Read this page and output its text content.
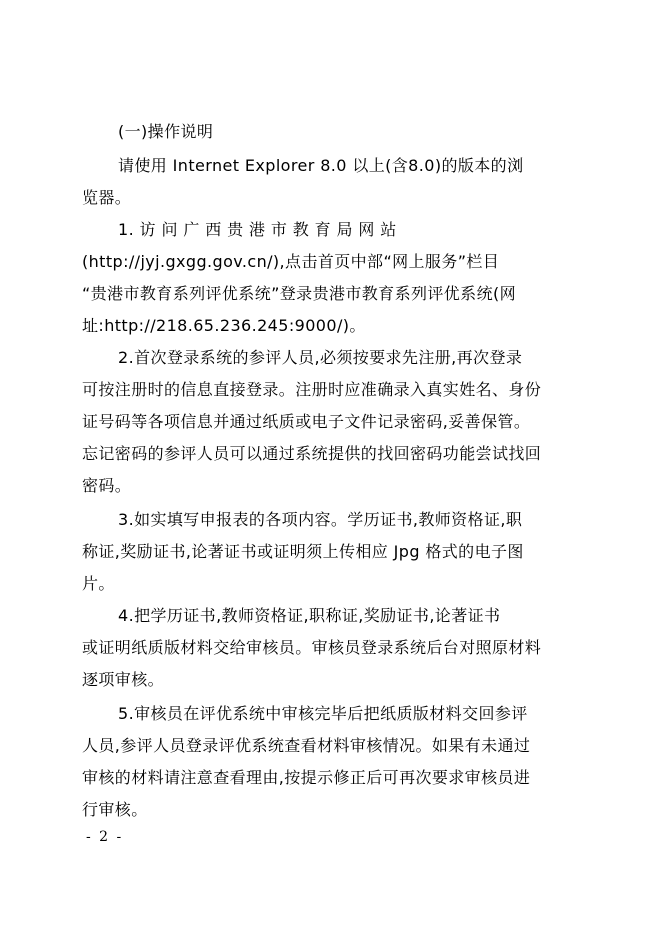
(一)操作说明
请使用 Internet Explorer 8.0 以上(含8.0)的版本的浏
览器。
1. 访 问 广 西 贵 港 市 教 育 局 网 站
(http://jyj.gxgg.gov.cn/),点击首页中部“网上服务”栏目
“贵港市教育系列评优系统”登录贵港市教育系列评优系统(网
址:http://218.65.236.245:9000/)。
2.首次登录系统的参评人员,必须按要求先注册,再次登录
可按注册时的信息直接登录。注册时应准确录入真实姓名、身份
证号码等各项信息并通过纸质或电子文件记录密码,妥善保管。
忘记密码的参评人员可以通过系统提供的找回密码功能尝试找回
密码。
3.如实填写申报表的各项内容。学历证书,教师资格证,职
称证,奖励证书,论著证书或证明须上传相应 Jpg 格式的电子图
片。
4.把学历证书,教师资格证,职称证,奖励证书,论著证书
或证明纸质版材料交给审核员。审核员登录系统后台对照原材料
逐项审核。
5.审核员在评优系统中审核完毕后把纸质版材料交回参评
人员,参评人员登录评优系统查看材料审核情况。如果有未通过
审核的材料请注意查看理由,按提示修正后可再次要求审核员进
行审核。
- 2 -
